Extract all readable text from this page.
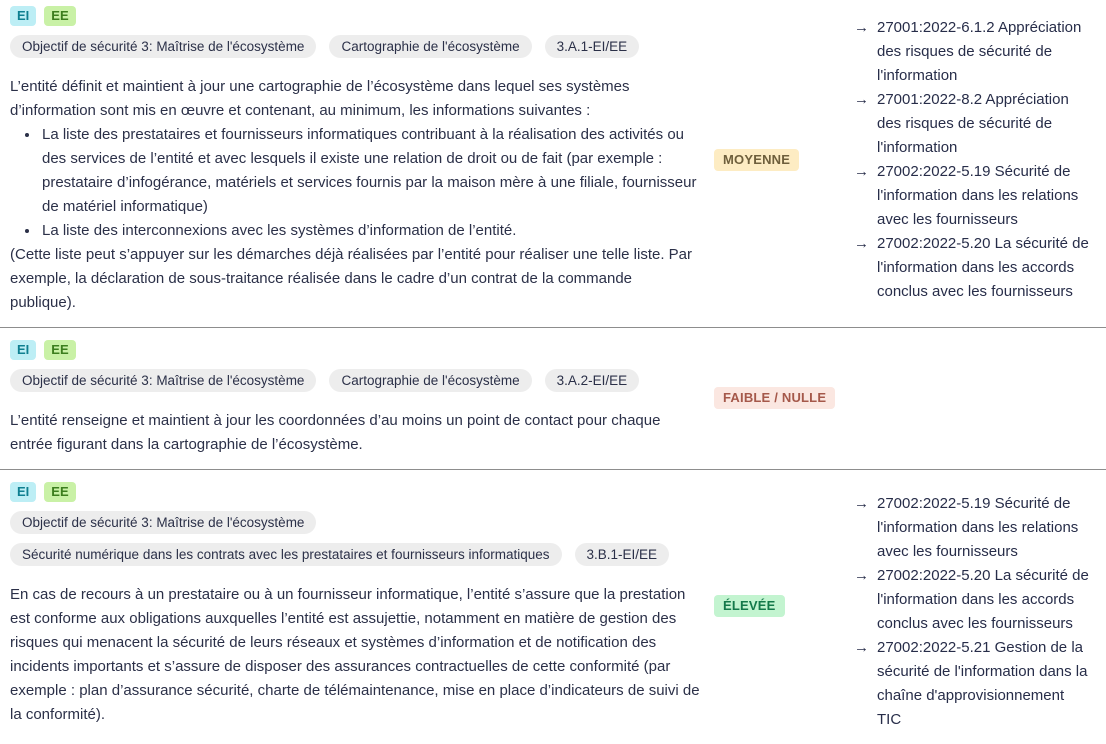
EI	EE
Objectif de sécurité 3: Maîtrise de l'écosystème	Cartographie de l'écosystème	3.A.1-EI/EE

L’entité définit et maintient à jour une cartographie de l’écosystème dans lequel ses systèmes d’information sont mis en œuvre et contenant, au minimum, les informations suivantes :

• La liste des prestataires et fournisseurs informatiques contribuant à la réalisation des activités ou des services de l’entité et avec lesquels il existe une relation de droit ou de fait (par exemple : prestataire d’infogérance, matériels et services fournis par la maison mère à une filiale, fournisseur de matériel informatique)
• La liste des interconnexions avec les systèmes d’information de l’entité.

(Cette liste peut s’appuyer sur les démarches déjà réalisées par l’entité pour réaliser une telle liste. Par exemple, la déclaration de sous-traitance réalisée dans le cadre d’un contrat de la commande publique).

MOYENNE
→ 27001:2022-6.1.2 Appréciation des risques de sécurité de l'information
→ 27001:2022-8.2 Appréciation des risques de sécurité de l'information
→ 27002:2022-5.19 Sécurité de l'information dans les relations avec les fournisseurs
→ 27002:2022-5.20 La sécurité de l'information dans les accords conclus avec les fournisseurs
EI	EE
Objectif de sécurité 3: Maîtrise de l'écosystème	Cartographie de l'écosystème	3.A.2-EI/EE

L’entité renseigne et maintient à jour les coordonnées d’au moins un point de contact pour chaque entrée figurant dans la cartographie de l’écosystème.

FAIBLE / NULLE
EI	EE
Objectif de sécurité 3: Maîtrise de l'écosystème
Sécurité numérique dans les contrats avec les prestataires et fournisseurs informatiques	3.B.1-EI/EE

En cas de recours à un prestataire ou à un fournisseur informatique, l’entité s’assure que la prestation est conforme aux obligations auxquelles l’entité est assujettie, notamment en matière de gestion des risques qui menacent la sécurité de leurs réseaux et systèmes d’information et de notification des incidents importants et s’assure de disposer des assurances contractuelles de cette conformité (par exemple : plan d’assurance sécurité, charte de télémaintenance, mise en place d’indicateurs de suivi de la conformité).

ÉLEVÉE
→ 27002:2022-5.19 Sécurité de l'information dans les relations avec les fournisseurs
→ 27002:2022-5.20 La sécurité de l'information dans les accords conclus avec les fournisseurs
→ 27002:2022-5.21 Gestion de la sécurité de l'information dans la chaîne d'approvisionnement TIC
